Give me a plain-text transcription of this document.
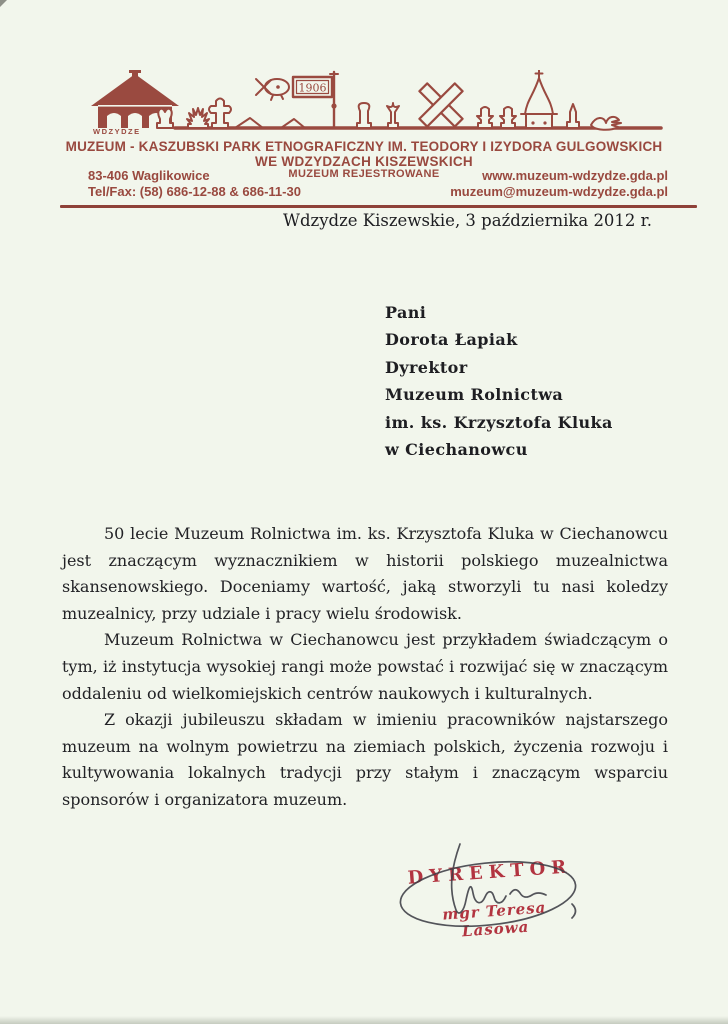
1906
WDZYDZE
MUZEUM - KASZUBSKI PARK ETNOGRAFICZNY IM. TEODORY I IZYDORA GULGOWSKICH
WE WDZYDZACH KISZEWSKICH
MUZEUM REJESTROWANE
83-406 Waglikowice
Tel/Fax: (58) 686-12-88 & 686-11-30
www.muzeum-wdzydze.gda.pl
muzeum@muzeum-wdzydze.gda.pl
Wdzydze Kiszewskie, 3 października 2012 r.
Pani
Dorota Łapiak
Dyrektor
Muzeum Rolnictwa
im. ks. Krzysztofa Kluka
w Ciechanowcu

50 lecie Muzeum Rolnictwa im. ks. Krzysztofa Kluka w Ciechanowcu jest znaczącym wyznacznikiem w historii polskiego muzealnictwa skansenowskiego. Doceniamy wartość, jaką stworzyli tu nasi koledzy muzealnicy, przy udziale i pracy wielu środowisk.

Muzeum Rolnictwa w Ciechanowcu jest przykładem świadczącym o tym, iż instytucja wysokiej rangi może powstać i rozwijać się w znaczącym oddaleniu od wielkomiejskich centrów naukowych i kulturalnych.

Z okazji jubileuszu składam w imieniu pracowników najstarszego muzeum na wolnym powietrzu na ziemiach polskich, życzenia rozwoju i kultywowania lokalnych tradycji przy stałym i znaczącym wsparciu sponsorów i organizatora muzeum.

DYREKTOR
mgr Teresa Lasowa
